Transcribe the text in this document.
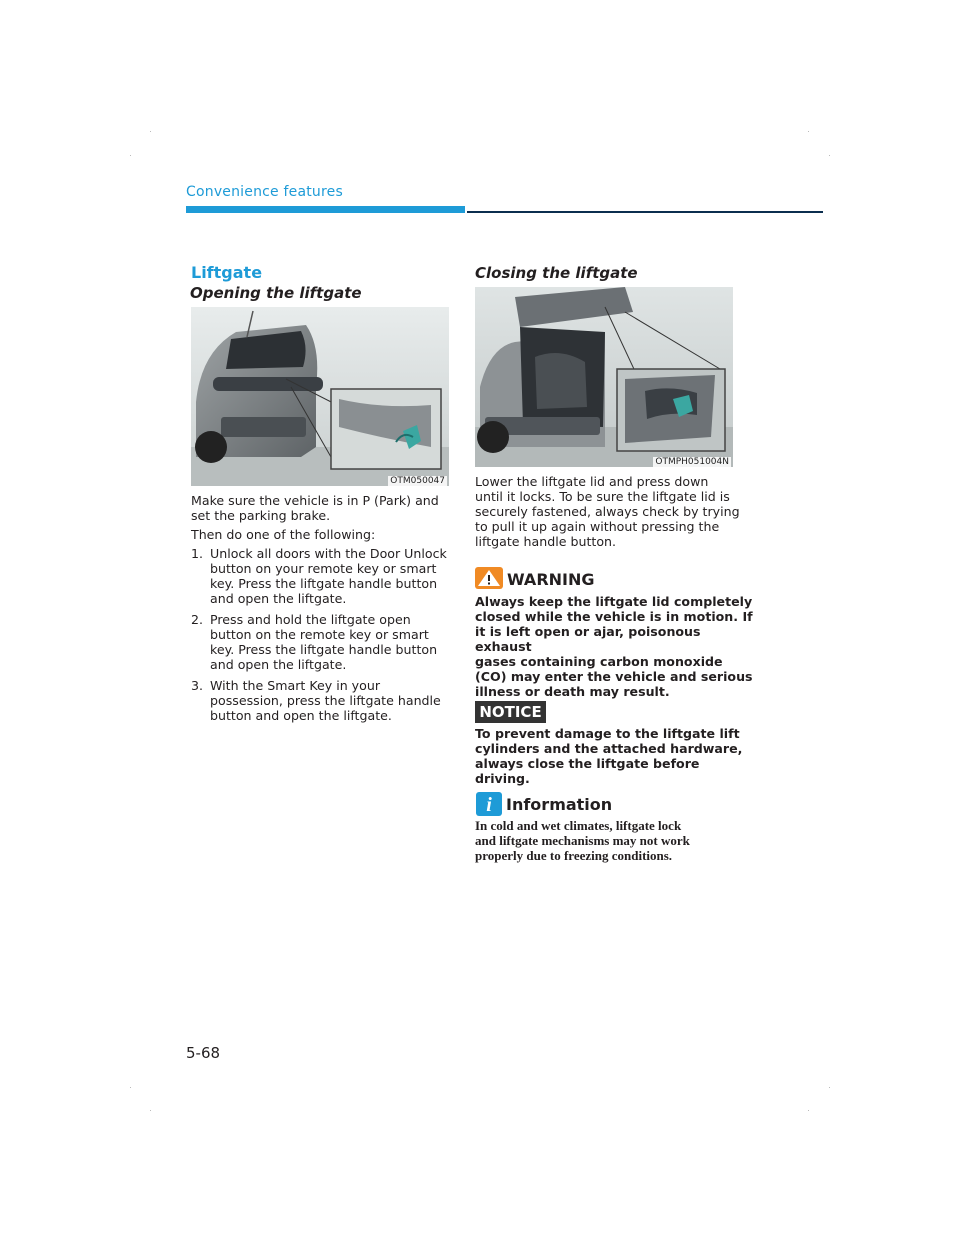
Convenience features
Liftgate
Opening the liftgate
OTM050047
Make sure the vehicle is in P (Park) and set the parking brake.
Then do one of the following:
1. Unlock all doors with the Door Unlock
button on your remote key or smart
key. Press the liftgate handle button
and open the liftgate.
2. Press and hold the liftgate open
button on the remote key or smart
key. Press the liftgate handle button
and open the liftgate.
3. With the Smart Key in your
possession, press the liftgate handle
button and open the liftgate.
Closing the liftgate
OTMPH051004N
Lower the liftgate lid and press down
until it locks. To be sure the liftgate lid is
securely fastened, always check by trying
to pull it up again without pressing the
liftgate handle button.
WARNING
Always keep the liftgate lid completely
closed while the vehicle is in motion. If
it is left open or ajar, poisonous exhaust
gases containing carbon monoxide
(CO) may enter the vehicle and serious
illness or death may result.
NOTICE
To prevent damage to the liftgate lift
cylinders and the attached hardware,
always close the liftgate before driving.
i Information
In cold and wet climates, liftgate lock
and liftgate mechanisms may not work
properly due to freezing conditions.
5-68
